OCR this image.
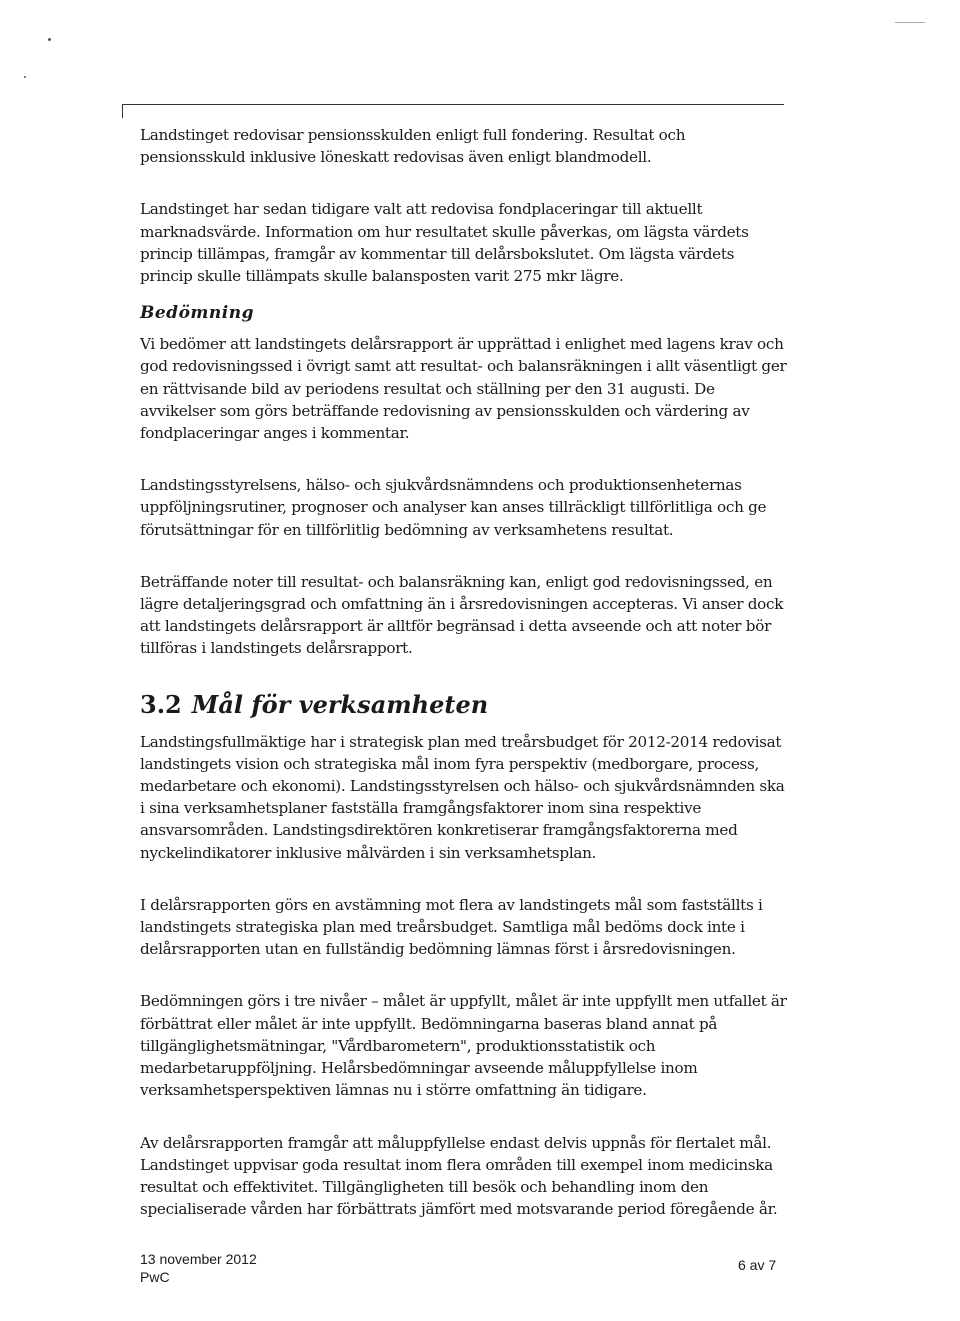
Landstinget redovisar pensionsskulden enligt full fondering. Resultat och pensionsskuld inklusive löneskatt redovisas även enligt blandmodell.

Landstinget har sedan tidigare valt att redovisa fondplaceringar till aktuellt marknadsvärde. Information om hur resultatet skulle påverkas, om lägsta värdets princip tillämpas, framgår av kommentar till delårsbokslutet. Om lägsta värdets princip skulle tillämpats skulle balansposten varit 275 mkr lägre.

Bedömning

Vi bedömer att landstingets delårsrapport är upprättad i enlighet med lagens krav och god redovisningssed i övrigt samt att resultat- och balansräkningen i allt väsentligt ger en rättvisande bild av periodens resultat och ställning per den 31 augusti. De avvikelser som görs beträffande redovisning av pensionsskulden och värdering av fondplaceringar anges i kommentar.

Landstingsstyrelsens, hälso- och sjukvårdsnämndens och produktionsenheternas uppföljningsrutiner, prognoser och analyser kan anses tillräckligt tillförlitliga och ge förutsättningar för en tillförlitlig bedömning av verksamhetens resultat.

Beträffande noter till resultat- och balansräkning kan, enligt god redovisningssed, en lägre detaljeringsgrad och omfattning än i årsredovisningen accepteras. Vi anser dock att landstingets delårsrapport är alltför begränsad i detta avseende och att noter bör tillföras i landstingets delårsrapport.

3.2 Mål för verksamheten

Landstingsfullmäktige har i strategisk plan med treårsbudget för 2012-2014 redovisat landstingets vision och strategiska mål inom fyra perspektiv (medborgare, process, medarbetare och ekonomi). Landstingsstyrelsen och hälso- och sjukvårdsnämnden ska i sina verksamhetsplaner fastställa framgångsfaktorer inom sina respektive ansvarsområden. Landstingsdirektören konkretiserar framgångsfaktorerna med nyckelindikatorer inklusive målvärden i sin verksamhetsplan.

I delårsrapporten görs en avstämning mot flera av landstingets mål som fastställts i landstingets strategiska plan med treårsbudget. Samtliga mål bedöms dock inte i delårsrapporten utan en fullständig bedömning lämnas först i årsredovisningen.

Bedömningen görs i tre nivåer – målet är uppfyllt, målet är inte uppfyllt men utfallet är förbättrat eller målet är inte uppfyllt. Bedömningarna baseras bland annat på tillgänglighetsmätningar, "Vårdbarometern", produktionsstatistik och medarbetaruppföljning. Helårsbedömningar avseende måluppfyllelse inom verksamhetsperspektiven lämnas nu i större omfattning än tidigare.

Av delårsrapporten framgår att måluppfyllelse endast delvis uppnås för flertalet mål. Landstinget uppvisar goda resultat inom flera områden till exempel inom medicinska resultat och effektivitet. Tillgängligheten till besök och behandling inom den specialiserade vården har förbättrats jämfört med motsvarande period föregående år.

13 november 2012
PwC
6 av 7
